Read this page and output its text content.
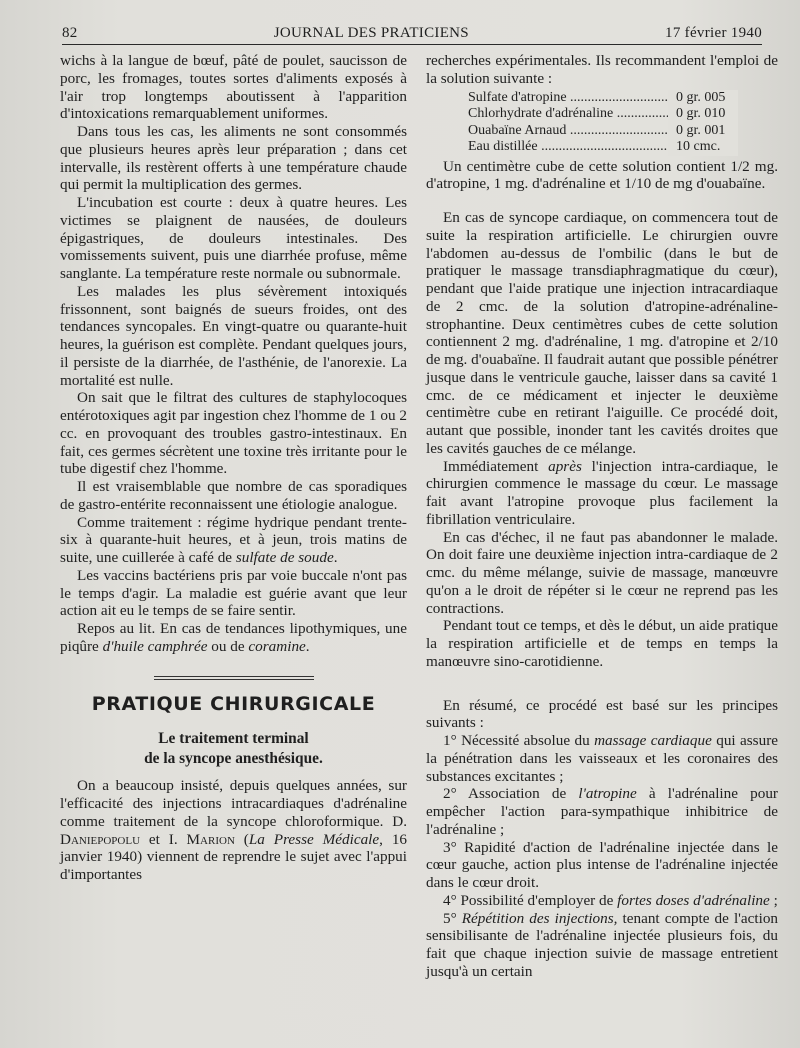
82	JOURNAL DES PRATICIENS	17 février 1940

wichs à la langue de bœuf, pâté de poulet, saucisson de porc, les fromages, toutes sortes d'aliments exposés à l'air trop longtemps aboutissent à l'apparition d'intoxications remarquablement uniformes.

Dans tous les cas, les aliments ne sont consommés que plusieurs heures après leur préparation ; dans cet intervalle, ils restèrent offerts à une température chaude qui permit la multiplication des germes.

L'incubation est courte : deux à quatre heures. Les victimes se plaignent de nausées, de douleurs épigastriques, de douleurs intestinales. Des vomissements suivent, puis une diarrhée profuse, même sanglante. La température reste normale ou subnormale.

Les malades les plus sévèrement intoxiqués frissonnent, sont baignés de sueurs froides, ont des tendances syncopales. En vingt-quatre ou quarante-huit heures, la guérison est complète. Pendant quelques jours, il persiste de la diarrhée, de l'asthénie, de l'anorexie. La mortalité est nulle.

On sait que le filtrat des cultures de staphylocoques entérotoxiques agit par ingestion chez l'homme de 1 ou 2 cc. en provoquant des troubles gastro-intestinaux. En fait, ces germes sécrètent une toxine très irritante pour le tube digestif chez l'homme.

Il est vraisemblable que nombre de cas sporadiques de gastro-entérite reconnaissent une étiologie analogue.

Comme traitement : régime hydrique pendant trente-six à quarante-huit heures, et à jeun, trois matins de suite, une cuillerée à café de sulfate de soude.

Les vaccins bactériens pris par voie buccale n'ont pas le temps d'agir. La maladie est guérie avant que leur action ait eu le temps de se faire sentir.

Repos au lit. En cas de tendances lipothymiques, une piqûre d'huile camphrée ou de coramine.

PRATIQUE CHIRURGICALE
Le traitement terminal
de la syncope anesthésique.

On a beaucoup insisté, depuis quelques années, sur l'efficacité des injections intracardiaques d'adrénaline comme traitement de la syncope chloroformique. D. Daniepopolu et I. Marion (La Presse Médicale, 16 janvier 1940) viennent de reprendre le sujet avec l'appui d'importantes

recherches expérimentales. Ils recommandent l'emploi de la solution suivante :

Sulfate d'atropine .....	0 gr. 005
Chlorhydrate d'adrénaline .....	0 gr. 010
Ouabaïne Arnaud .....	0 gr. 001
Eau distillée .....	10 cmc.

Un centimètre cube de cette solution contient 1/2 mg. d'atropine, 1 mg. d'adrénaline et 1/10 de mg d'ouabaïne.

En cas de syncope cardiaque, on commencera tout de suite la respiration artificielle. Le chirurgien ouvre l'abdomen au-dessus de l'ombilic (dans le but de pratiquer le massage transdiaphragmatique du cœur), pendant que l'aide pratique une injection intracardiaque de 2 cmc. de la solution d'atropine-adrénaline-strophantine. Deux centimètres cubes de cette solution contiennent 2 mg. d'adrénaline, 1 mg. d'atropine et 2/10 de mg. d'ouabaïne. Il faudrait autant que possible pénétrer jusque dans le ventricule gauche, laisser dans sa cavité 1 cmc. de ce médicament et injecter le deuxième centimètre cube en retirant l'aiguille. Ce procédé doit, autant que possible, inonder tant les cavités droites que les cavités gauches de ce mélange.

Immédiatement après l'injection intra-cardiaque, le chirurgien commence le massage du cœur. Le massage fait avant l'atropine provoque plus facilement la fibrillation ventriculaire.

En cas d'échec, il ne faut pas abandonner le malade. On doit faire une deuxième injection intra-cardiaque de 2 cmc. du même mélange, suivie de massage, manœuvre qu'on a le droit de répéter si le cœur ne reprend pas les contractions.

Pendant tout ce temps, et dès le début, un aide pratique la respiration artificielle et de temps en temps la manœuvre sino-carotidienne.

En résumé, ce procédé est basé sur les principes suivants :

1° Nécessité absolue du massage cardiaque qui assure la pénétration dans les vaisseaux et les coronaires des substances excitantes ;

2° Association de l'atropine à l'adrénaline pour empêcher l'action para-sympathique inhibitrice de l'adrénaline ;

3° Rapidité d'action de l'adrénaline injectée dans le cœur gauche, action plus intense de l'adrénaline injectée dans le cœur droit.

4° Possibilité d'employer de fortes doses d'adrénaline ;

5° Répétition des injections, tenant compte de l'action sensibilisante de l'adrénaline injectée plusieurs fois, du fait que chaque injection suivie de massage entretient jusqu'à un certain
